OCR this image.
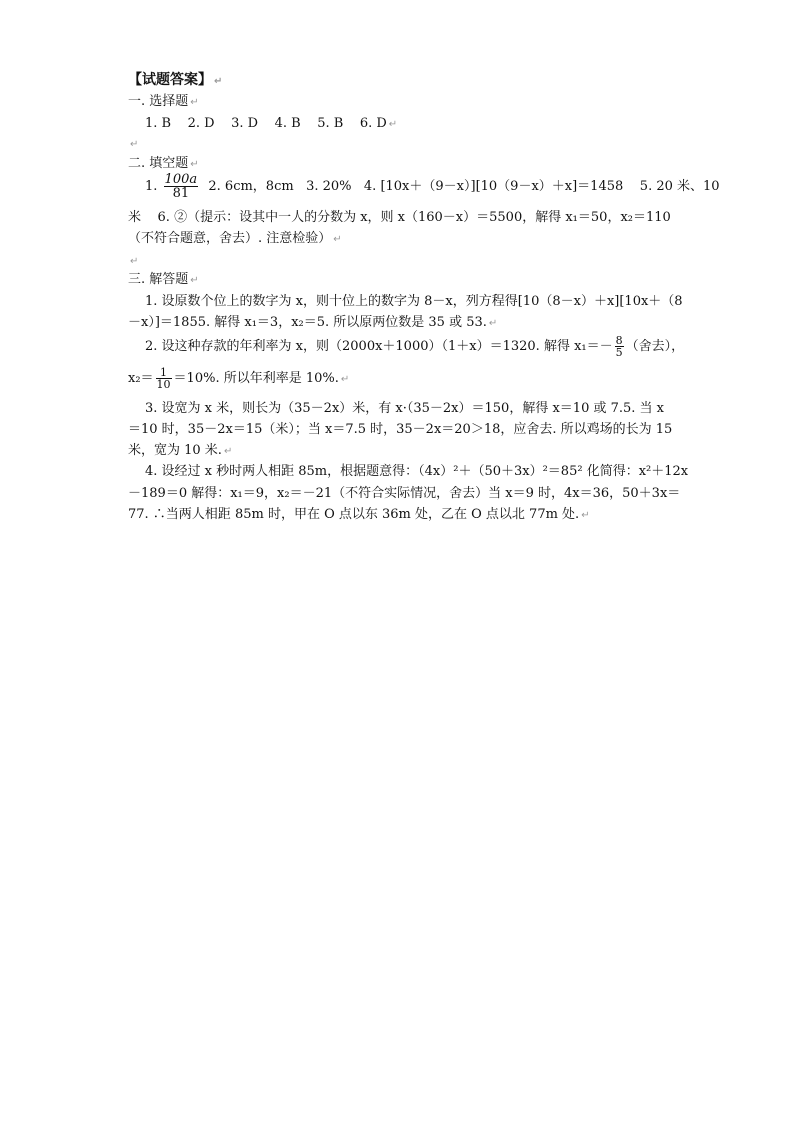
【试题答案】 ↵
一. 选择题 ↵
1. B    2. D    3. D    4. B    5. B    6. D ↵
↵
二. 填空题 ↵
1. $\frac{100a}{81} 2$. 6cm，8cm   3. 20%   4. [10x＋（9－x）][10（9－x）＋x]＝1458    5. 20 米、10
米    6. ②（提示：设其中一人的分数为 x，则 x（160－x）＝5500，解得 x₁＝50，x₂＝110
（不符合题意，舍去）. 注意检验） ↵
↵
三. 解答题 ↵
1. 设原数个位上的数字为 x，则十位上的数字为 8－x，列方程得[10（8－x）＋x][10x＋（8
－x）]＝1855. 解得 x₁＝3，x₂＝5. 所以原两位数是 35 或 53. ↵
2. 设这种存款的年利率为 x，则（2000x＋1000）（1＋x）＝1320. 解得 $x_1=- \frac{8}{5}$ （舍去），
$x_2= \frac{1}{10} =10\%$. 所以年利率是 10%. ↵
3. 设宽为 x 米，则长为（35－2x）米，有 x·（35－2x）＝150，解得 x＝10 或 7.5. 当 x
＝10 时，35－2x＝15（米）；当 x＝7.5 时，35－2x＝20＞18，应舍去. 所以鸡场的长为 15
米，宽为 10 米. ↵
4. 设经过 x 秒时两人相距 85m，根据题意得：（4x）²＋（50＋3x）²＝85² 化简得：x²＋12x
－189＝0 解得：x₁＝9，x₂＝－21（不符合实际情况，舍去）当 x＝9 时，4x＝36，50＋3x＝
77. ∴当两人相距 85m 时，甲在 O 点以东 36m 处，乙在 O 点以北 77m 处. ↵
